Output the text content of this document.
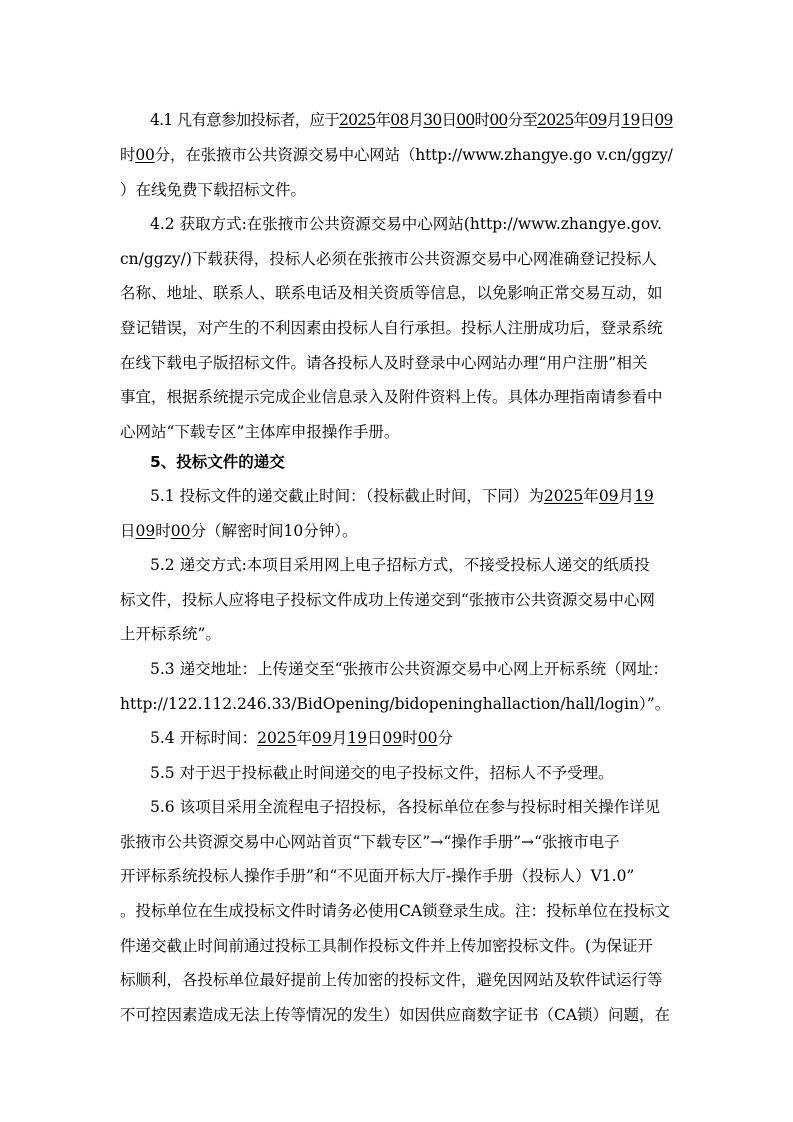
4.1 凡有意参加投标者，应于2025年08月30日00时00分至2025年09月19日09
时00分，在张掖市公共资源交易中心网站（http://www.zhangye.go v.cn/ggzy/
）在线免费下载招标文件。
4.2 获取方式:在张掖市公共资源交易中心网站(http://www.zhangye.gov.
cn/ggzy/)下载获得，投标人必须在张掖市公共资源交易中心网准确登记投标人
名称、地址、联系人、联系电话及相关资质等信息，以免影响正常交易互动，如
登记错误，对产生的不利因素由投标人自行承担。投标人注册成功后，登录系统
在线下载电子版招标文件。请各投标人及时登录中心网站办理“用户注册”相关
事宜，根据系统提示完成企业信息录入及附件资料上传。具体办理指南请参看中
心网站“下载专区”主体库申报操作手册。
5、投标文件的递交
5.1 投标文件的递交截止时间：（投标截止时间，下同）为2025年09月19
日09时00分（解密时间10分钟）。
5.2 递交方式:本项目采用网上电子招标方式，不接受投标人递交的纸质投
标文件，投标人应将电子投标文件成功上传递交到“张掖市公共资源交易中心网
上开标系统”。
5.3 递交地址：上传递交至“张掖市公共资源交易中心网上开标系统（网址：
http://122.112.246.33/BidOpening/bidopeninghallaction/hall/login）”。
5.4 开标时间：2025年09月19日09时00分
5.5 对于迟于投标截止时间递交的电子投标文件，招标人不予受理。
5.6 该项目采用全流程电子招投标，各投标单位在参与投标时相关操作详见
张掖市公共资源交易中心网站首页“下载专区”→“操作手册”→“张掖市电子
开评标系统投标人操作手册”和“不见面开标大厅-操作手册（投标人）V1.0”
。投标单位在生成投标文件时请务必使用CA锁登录生成。注：投标单位在投标文
件递交截止时间前通过投标工具制作投标文件并上传加密投标文件。(为保证开
标顺利，各投标单位最好提前上传加密的投标文件，避免因网站及软件试运行等
不可控因素造成无法上传等情况的发生）如因供应商数字证书（CA锁）问题，在
